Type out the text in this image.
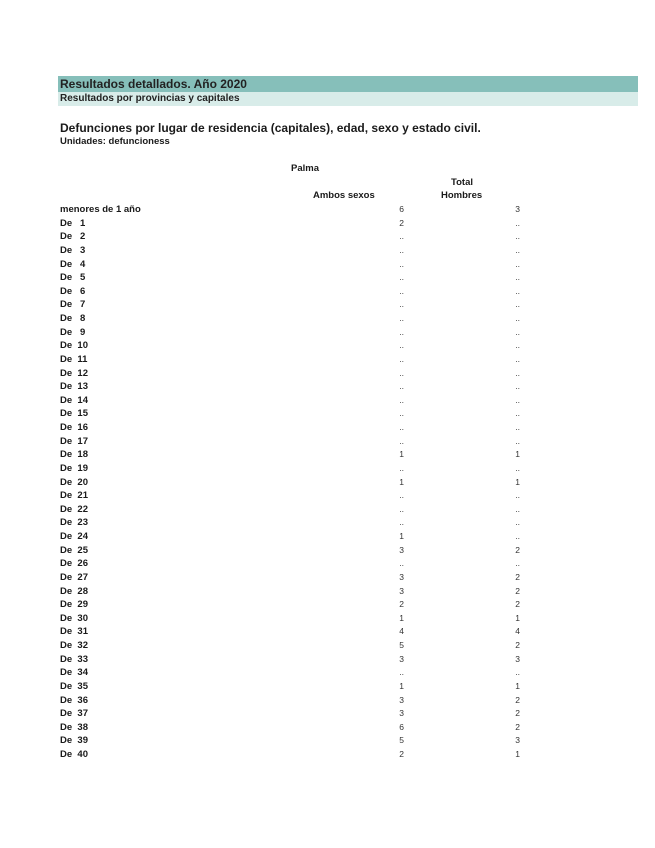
Resultados detallados. Año 2020
Resultados por provincias y capitales
Defunciones por lugar de residencia (capitales), edad, sexo y estado civil.
Unidades: defuncioness
Palma
Total
Ambos sexos	Hombres
menores de 1 año	6	3
De   1	2	..
De   2	..	..
De   3	..	..
De   4	..	..
De   5	..	..
De   6	..	..
De   7	..	..
De   8	..	..
De   9	..	..
De  10	..	..
De  11	..	..
De  12	..	..
De  13	..	..
De  14	..	..
De  15	..	..
De  16	..	..
De  17	..	..
De  18	1	1
De  19	..	..
De  20	1	1
De  21	..	..
De  22	..	..
De  23	..	..
De  24	1	..
De  25	3	2
De  26	..	..
De  27	3	2
De  28	3	2
De  29	2	2
De  30	1	1
De  31	4	4
De  32	5	2
De  33	3	3
De  34	..	..
De  35	1	1
De  36	3	2
De  37	3	2
De  38	6	2
De  39	5	3
De  40	2	1
